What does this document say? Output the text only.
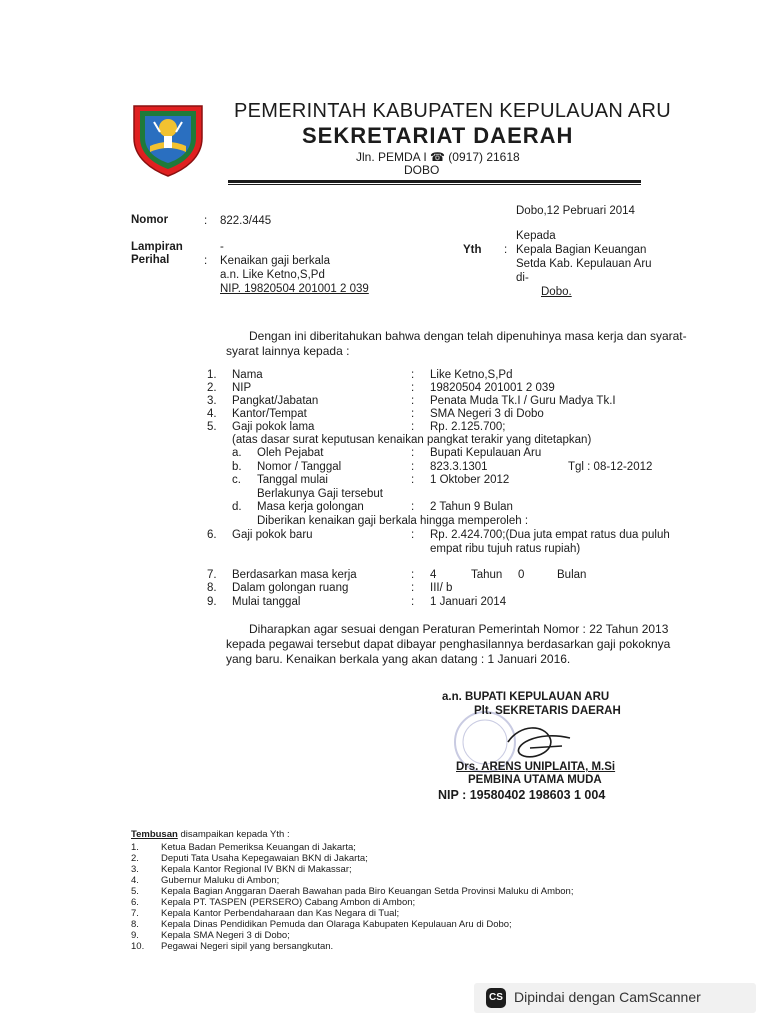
PEMERINTAH KABUPATEN KEPULAUAN ARU
SEKRETARIAT DAERAH
Jln. PEMDA I ☎ (0917) 21618
DOBO
Nomor	: 822.3/445
Lampiran	-
Perihal	: Kenaikan gaji berkala
a.n. Like Ketno,S,Pd
NIP. 19820504 201001 2 039
Dobo,12 Pebruari 2014
Kepada
Yth : Kepala Bagian Keuangan
Setda Kab. Kepulauan Aru
di-
Dobo.
Dengan ini diberitahukan bahwa dengan telah dipenuhinya masa kerja dan syarat-
syarat lainnya kepada :
1. Nama	: Like Ketno,S,Pd
2. NIP	: 19820504 201001 2 039
3. Pangkat/Jabatan	: Penata Muda Tk.I / Guru Madya Tk.I
4. Kantor/Tempat	: SMA Negeri 3 di Dobo
5. Gaji pokok lama	: Rp. 2.125.700;
(atas dasar surat keputusan kenaikan pangkat terakir yang ditetapkan)
a. Oleh Pejabat	: Bupati Kepulauan Aru
b. Nomor / Tanggal	: 823.3.1301	Tgl : 08-12-2012
c. Tanggal mulai	: 1 Oktober 2012
Berlakunya Gaji tersebut
d. Masa kerja golongan	: 2 Tahun 9 Bulan
Diberikan kenaikan gaji berkala hingga memperoleh :
6. Gaji pokok baru	: Rp. 2.424.700;(Dua juta empat ratus dua puluh
empat ribu tujuh ratus rupiah)
7. Berdasarkan masa kerja	: 4	Tahun 0	Bulan
8. Dalam golongan ruang	: III/ b
9. Mulai tanggal	: 1 Januari 2014
Diharapkan agar sesuai dengan Peraturan Pemerintah Nomor : 22 Tahun 2013
kepada pegawai tersebut dapat dibayar penghasilannya berdasarkan gaji pokoknya
yang baru. Kenaikan berkala yang akan datang : 1 Januari 2016.
a.n. BUPATI KEPULAUAN ARU
Plt. SEKRETARIS DAERAH
Drs. ARENS UNIPLAITA, M.Si
PEMBINA UTAMA MUDA
NIP : 19580402 198603 1 004
Tembusan disampaikan kepada Yth :
1. Ketua Badan Pemeriksa Keuangan di Jakarta;
2. Deputi Tata Usaha Kepegawaian BKN di Jakarta;
3. Kepala Kantor Regional IV BKN di Makassar;
4. Gubernur Maluku di Ambon;
5. Kepala Bagian Anggaran Daerah Bawahan pada Biro Keuangan Setda Provinsi Maluku di Ambon;
6. Kepala PT. TASPEN (PERSERO) Cabang Ambon di Ambon;
7. Kepala Kantor Perbendaharaan dan Kas Negara di Tual;
8. Kepala Dinas Pendidikan Pemuda dan Olaraga Kabupaten Kepulauan Aru di Dobo;
9. Kepala SMA Negeri 3 di Dobo;
10. Pegawai Negeri sipil yang bersangkutan.
CS Dipindai dengan CamScanner
